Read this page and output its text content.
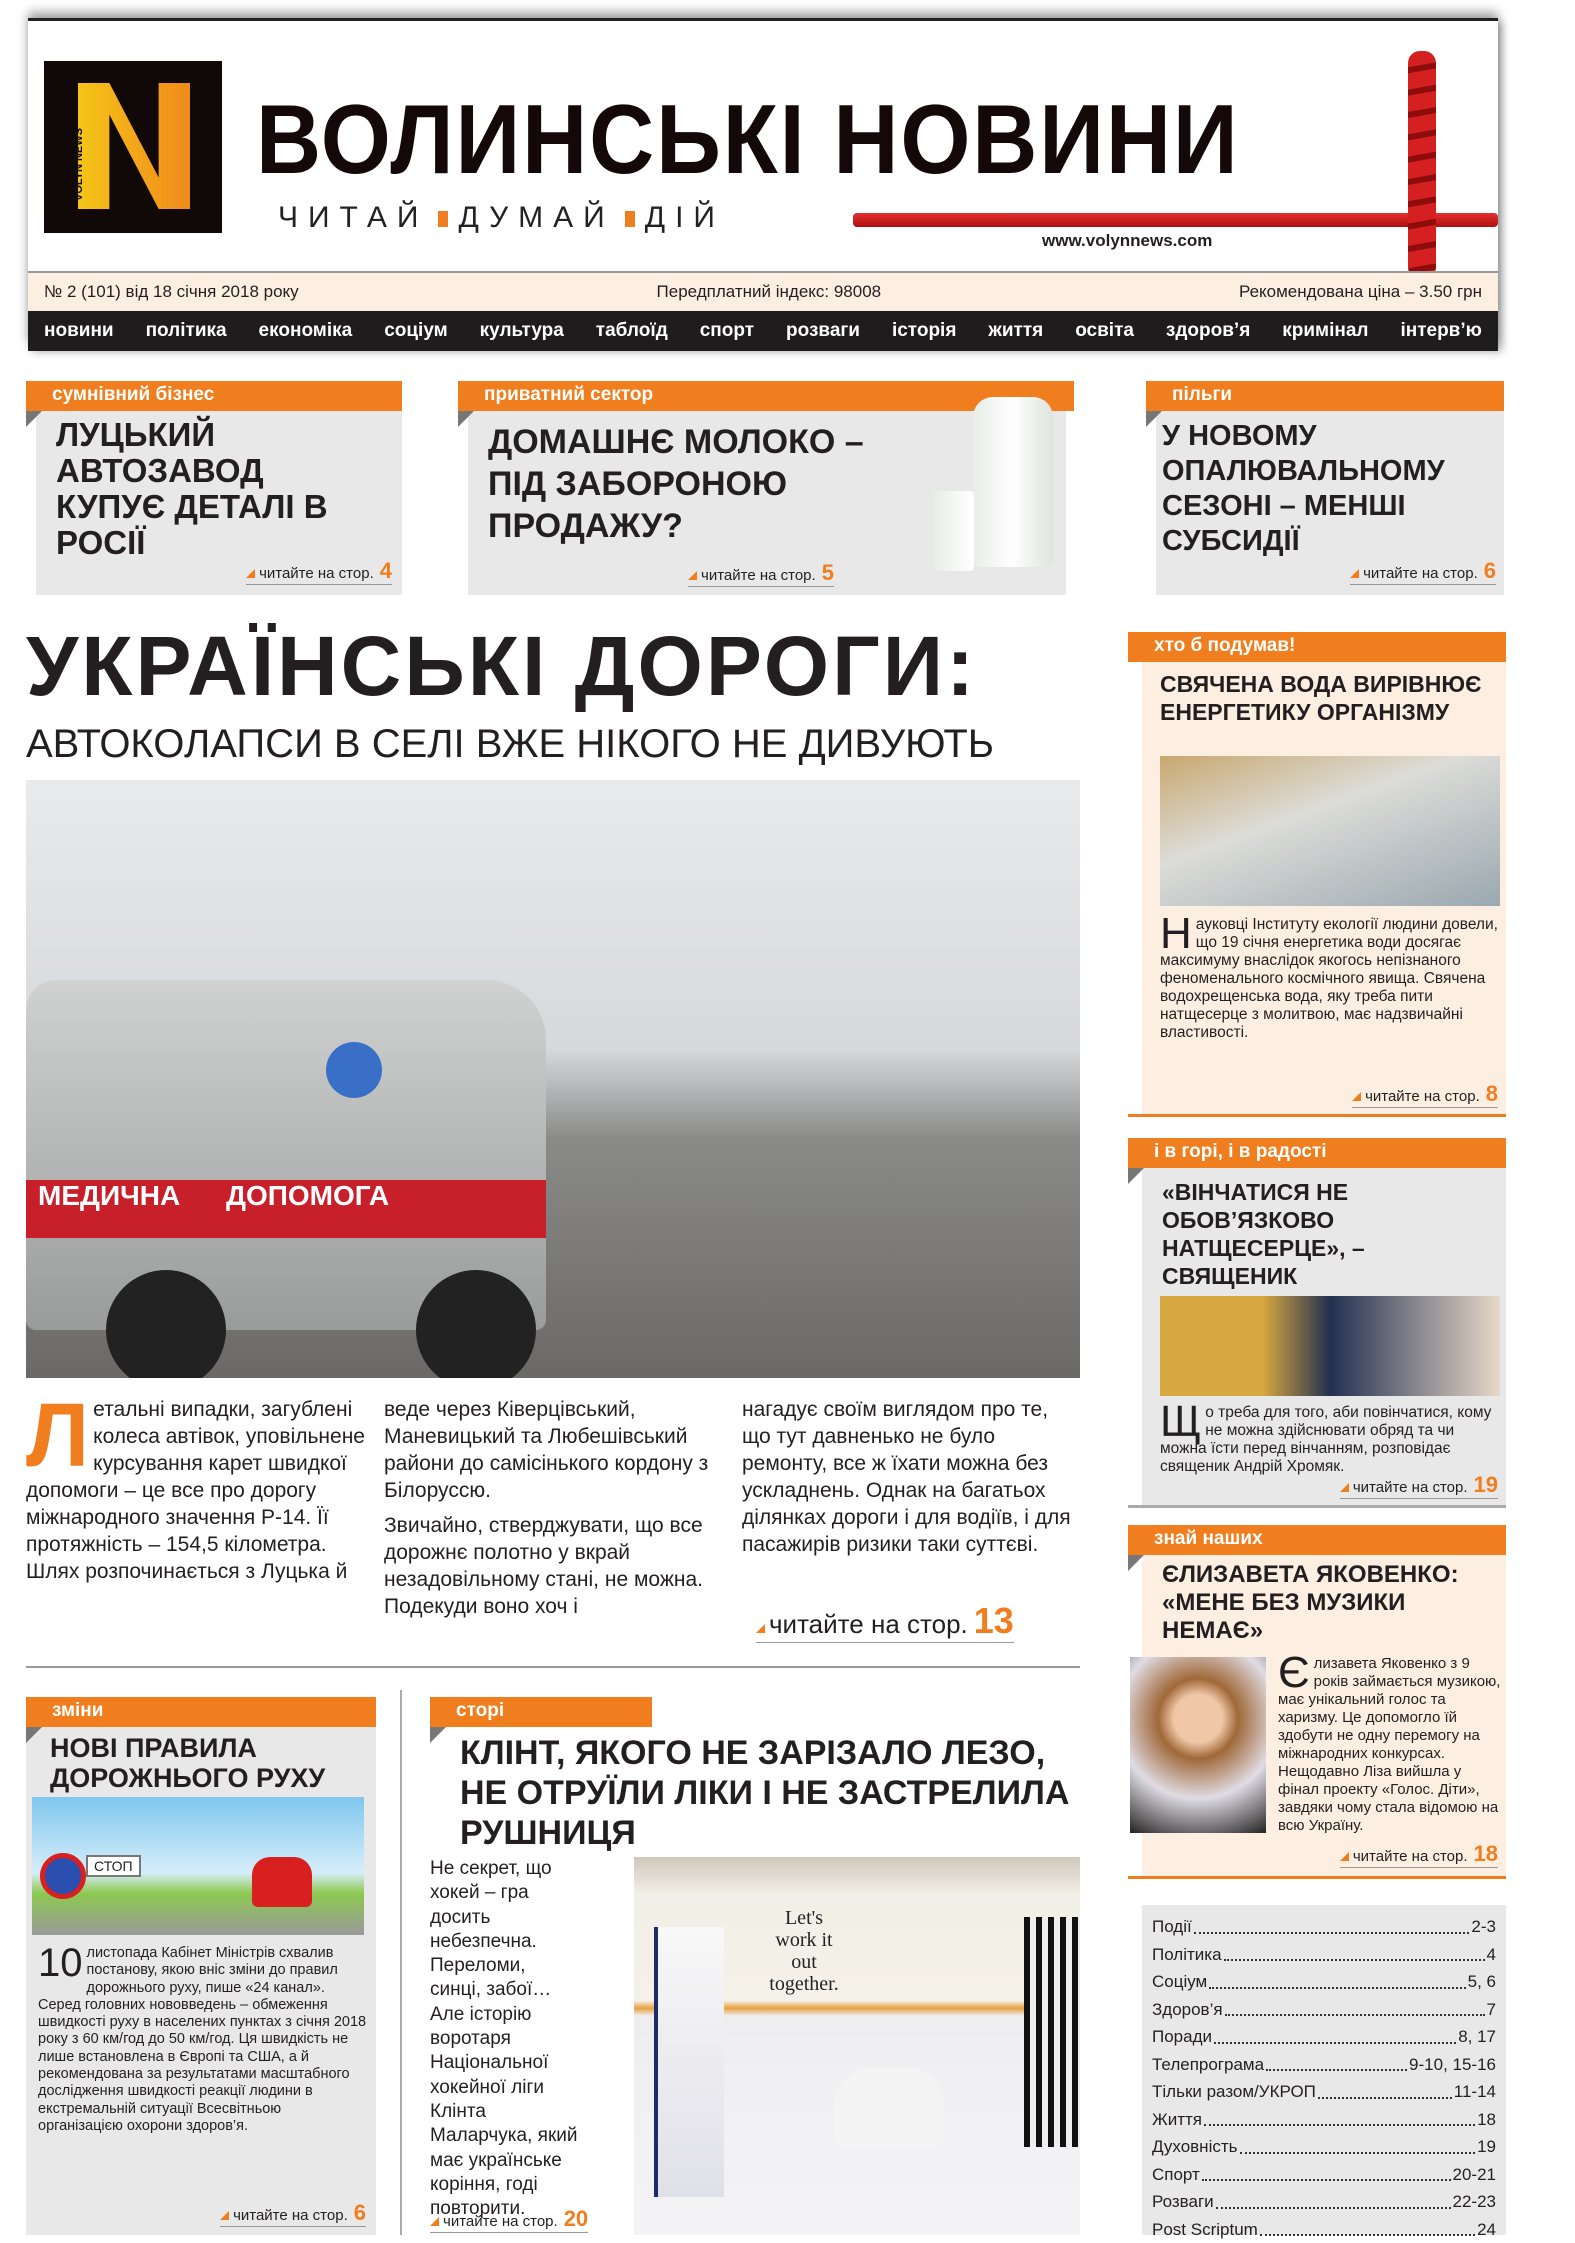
VOLYN NEWS ВОЛИНСЬКІ НОВИНИ
ЧИТАЙ ДУМАЙ ДІЙ
www.volynnews.com
№ 2 (101) від 18 січня 2018 року	Передплатний індекс: 98008	Рекомендована ціна – 3.50 грн
новини політика економіка соціум культура таблоїд спорт розваги історія життя освіта здоров’я кримінал інтерв’ю
сумнівний бізнес
ЛУЦЬКИЙ АВТОЗАВОД КУПУЄ ДЕТАЛІ В РОСІЇ
читайте на стор. 4
приватний сектор
ДОМАШНЄ МОЛОКО – ПІД ЗАБОРОНОЮ ПРОДАЖУ?
читайте на стор. 5
пільги
У НОВОМУ ОПАЛЮВАЛЬНОМУ СЕЗОНІ – МЕНШІ СУБСИДІЇ
читайте на стор. 6
УКРАЇНСЬКІ ДОРОГИ:
АВТОКОЛАПСИ В СЕЛІ ВЖЕ НІКОГО НЕ ДИВУЮТЬ
МЕДИЧНА ДОПОМОГА
Летальні випадки, загублені колеса автівок, уповільнене курсування карет швидкої допомоги – це все про дорогу міжнародного значення Р-14. Її протяжність – 154,5 кілометра. Шлях розпочинається з Луцька й

веде через Ківерцівський, Маневицький та Любешівський райони до самісінького кордону з Білоруссю.

Звичайно, стверджувати, що все дорожнє полотно у вкрай незадовільному стані, не можна. Подекуди воно хоч і

нагадує своїм виглядом про те, що тут давненько не було ремонту, все ж їхати можна без ускладнень. Однак на багатьох ділянках дороги і для водіїв, і для пасажирів ризики таки суттєві.
читайте на стор. 13
хто б подумав!
СВЯЧЕНА ВОДА ВИРІВНЮЄ ЕНЕРГЕТИКУ ОРГАНІЗМУ
Науковці Інституту екології людини довели, що 19 січня енергетика води досягає максимуму внаслідок якогось непізнаного феноменального космічного явища. Свячена водохрещенська вода, яку треба пити натщесерце з молитвою, має надзвичайні властивості.
читайте на стор. 8
і в горі, і в радості
«ВІНЧАТИСЯ НЕ ОБОВ’ЯЗКОВО НАТЩЕСЕРЦЕ», – СВЯЩЕНИК
Що треба для того, аби повінчатися, кому не можна здійснювати обряд та чи можна їсти перед вінчанням, розповідає священик Андрій Хромяк.
читайте на стор. 19
знай наших
ЄЛИЗАВЕТА ЯКОВЕНКО: «МЕНЕ БЕЗ МУЗИКИ НЕМАЄ»
Єлизавета Яковенко з 9 років займається музикою, має унікальний голос та харизму. Це допомогло їй здобути не одну перемогу на міжнародних конкурсах. Нещодавно Ліза вийшла у фінал проекту «Голос. Діти», завдяки чому стала відомою на всю Україну.
читайте на стор. 18
Події	2-3
Політика	4
Соціум	5, 6
Здоров’я	7
Поради	8, 17
Телепрограма	9-10, 15-16
Тільки разом/УКРОП	11-14
Життя	18
Духовність	19
Спорт	20-21
Розваги	22-23
Post Scriptum	24
зміни
НОВІ ПРАВИЛА ДОРОЖНЬОГО РУХУ
СТОП
10 листопада Кабінет Міністрів схвалив постанову, якою вніс зміни до правил дорожнього руху, пише «24 канал».
Серед головних нововведень – обмеження швидкості руху в населених пунктах з січня 2018 року з 60 км/год до 50 км/год. Ця швидкість не лише встановлена в Європі та США, а й рекомендована за результатами масштабного дослідження швидкості реакції людини в екстремальній ситуації Всесвітньою організацією охорони здоров’я.
читайте на стор. 6
сторі
КЛІНТ, ЯКОГО НЕ ЗАРІЗАЛО ЛЕЗО, НЕ ОТРУЇЛИ ЛІКИ І НЕ ЗАСТРЕЛИЛА РУШНИЦЯ
Не секрет, що хокей – гра досить небезпечна. Переломи, синці, забої… Але історію воротаря Національної хокейної ліги Клінта Маларчука, який має українське коріння, годі повторити.
Let's work it out together.
читайте на стор. 20
